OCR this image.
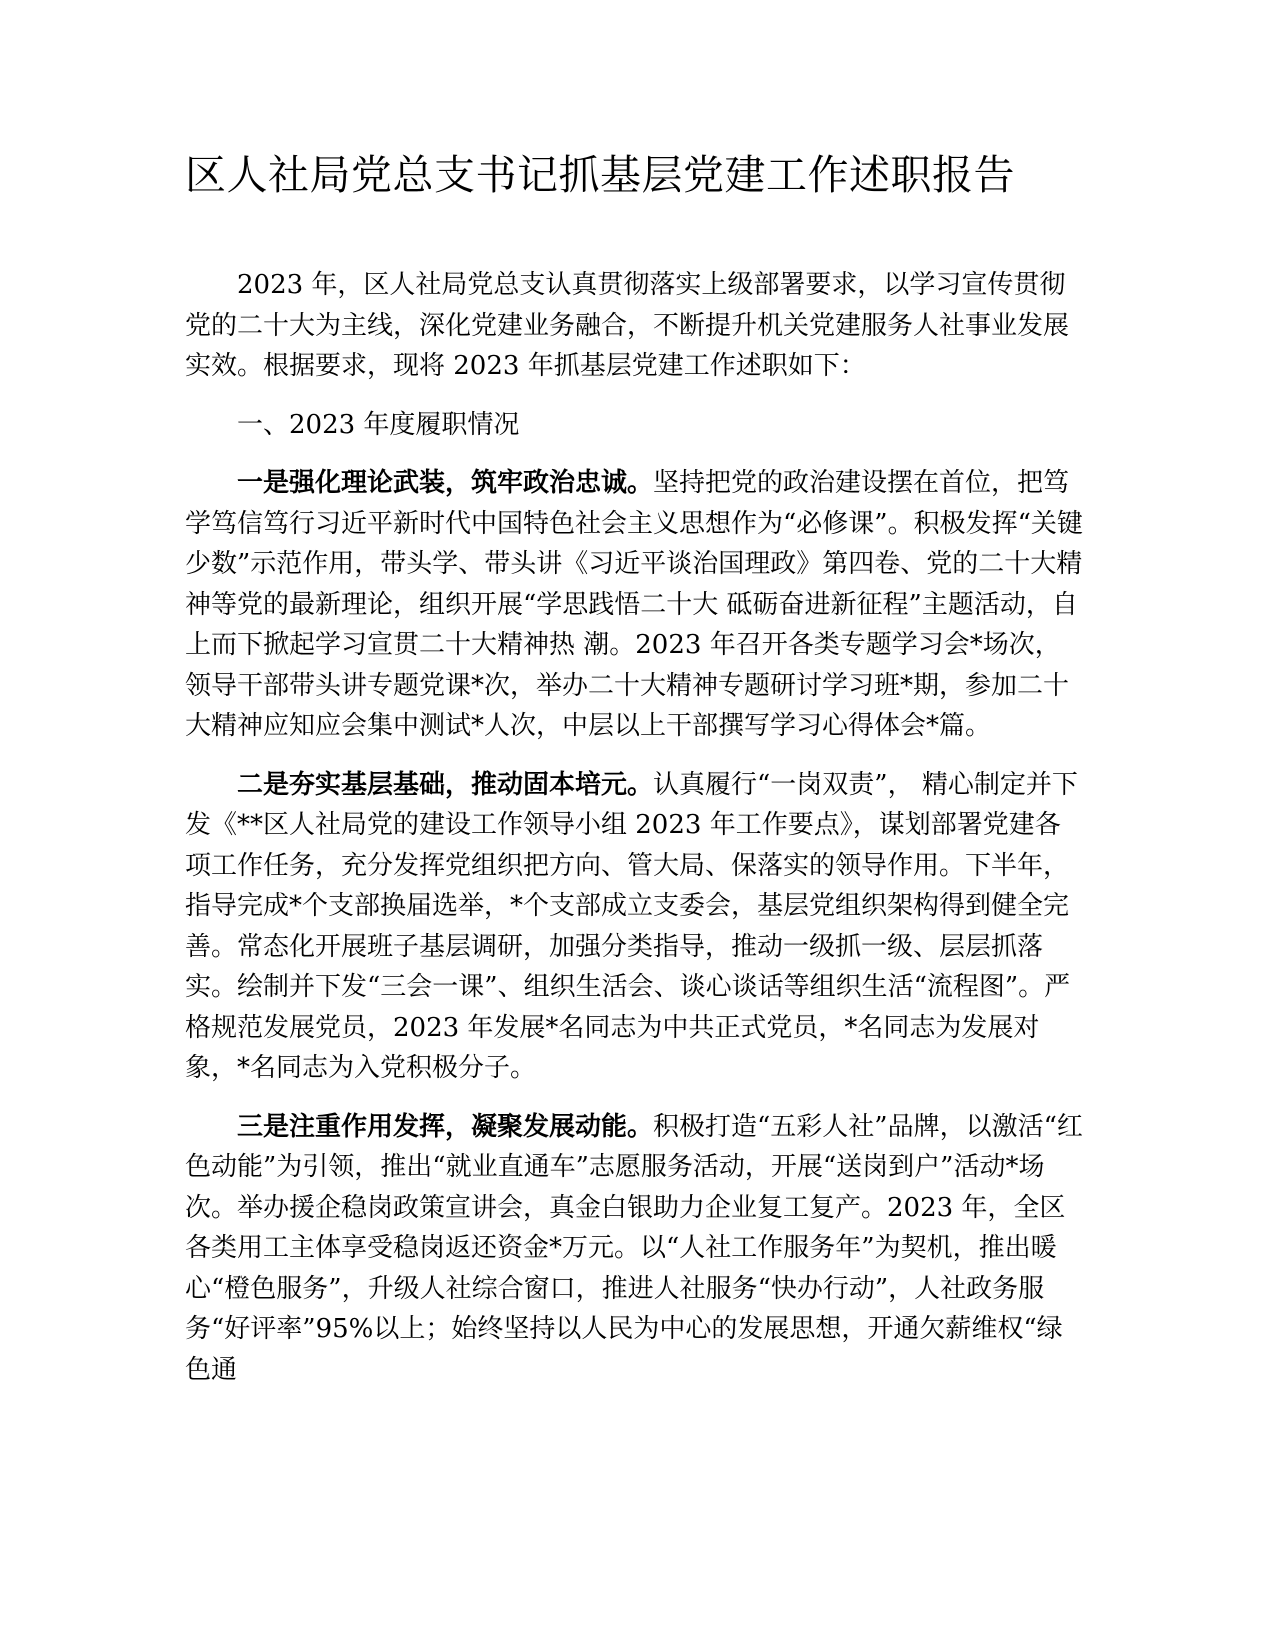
区人社局党总支书记抓基层党建工作述职报告

2023 年，区人社局党总支认真贯彻落实上级部署要求，以学习宣传贯彻党的二十大为主线，深化党建业务融合，不断提升机关党建服务人社事业发展实效。根据要求，现将 2023 年抓基层党建工作述职如下：

一、2023 年度履职情况

一是强化理论武装，筑牢政治忠诚。坚持把党的政治建设摆在首位，把笃学笃信笃行习近平新时代中国特色社会主义思想作为“必修课”。积极发挥“关键少数”示范作用，带头学、带头讲《习近平谈治国理政》第四卷、党的二十大精神等党的最新理论，组织开展“学思践悟二十大 砥砺奋进新征程”主题活动，自上而下掀起学习宣贯二十大精神热 潮。2023 年召开各类专题学习会*场次，领导干部带头讲专题党课*次，举办二十大精神专题研讨学习班*期，参加二十大精神应知应会集中测试*人次，中层以上干部撰写学习心得体会*篇。

二是夯实基层基础，推动固本培元。认真履行“一岗双责”， 精心制定并下发《**区人社局党的建设工作领导小组 2023 年工作要点》，谋划部署党建各项工作任务，充分发挥党组织把方向、管大局、保落实的领导作用。下半年，指导完成*个支部换届选举，*个支部成立支委会，基层党组织架构得到健全完善。常态化开展班子基层调研，加强分类指导，推动一级抓一级、层层抓落实。绘制并下发“三会一课”、组织生活会、谈心谈话等组织生活“流程图”。严格规范发展党员，2023 年发展*名同志为中共正式党员，*名同志为发展对象，*名同志为入党积极分子。

三是注重作用发挥，凝聚发展动能。积极打造“五彩人社”品牌，以激活“红色动能”为引领，推出“就业直通车”志愿服务活动，开展“送岗到户”活动*场次。举办援企稳岗政策宣讲会，真金白银助力企业复工复产。2023 年，全区各类用工主体享受稳岗返还资金*万元。以“人社工作服务年”为契机，推出暖心“橙色服务”，升级人社综合窗口，推进人社服务“快办行动”，人社政务服务“好评率”95%以上；始终坚持以人民为中心的发展思想，开通欠薪维权“绿色通
